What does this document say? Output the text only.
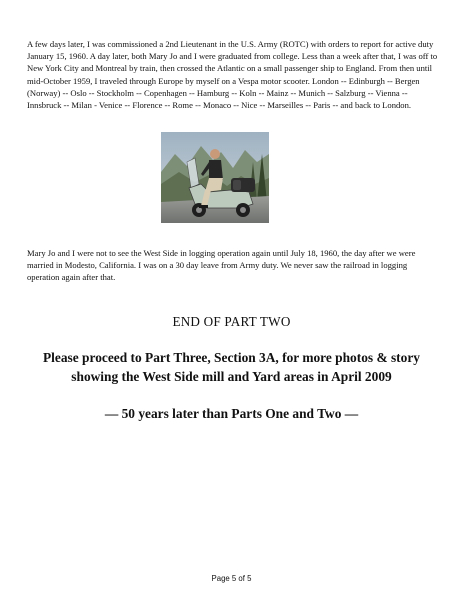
A few days later, I was commissioned a 2nd Lieutenant in the U.S. Army (ROTC) with orders to report for active duty January 15, 1960. A day later, both Mary Jo and I were graduated from college. Less than a week after that, I was off to New York City and Montreal by train, then crossed the Atlantic on a small passenger ship to England. From then until mid-October 1959, I traveled through Europe by myself on a Vespa motor scooter. London -- Edinburgh -- Bergen (Norway) -- Oslo -- Stockholm -- Copenhagen -- Hamburg -- Koln -- Mainz -- Munich -- Salzburg -- Vienna -- Innsbruck -- Milan - Venice -- Florence -- Rome -- Monaco -- Nice -- Marseilles -- Paris -- and back to London.

Mary Jo and I were not to see the West Side in logging operation again until July 18, 1960, the day after we were married in Modesto, California. I was on a 30 day leave from Army duty. We never saw the railroad in logging operation again after that.

END OF PART TWO

Please proceed to Part Three, Section 3A, for more photos & story showing the West Side mill and Yard areas in April 2009

— 50 years later than Parts One and Two —

Page 5 of 5
